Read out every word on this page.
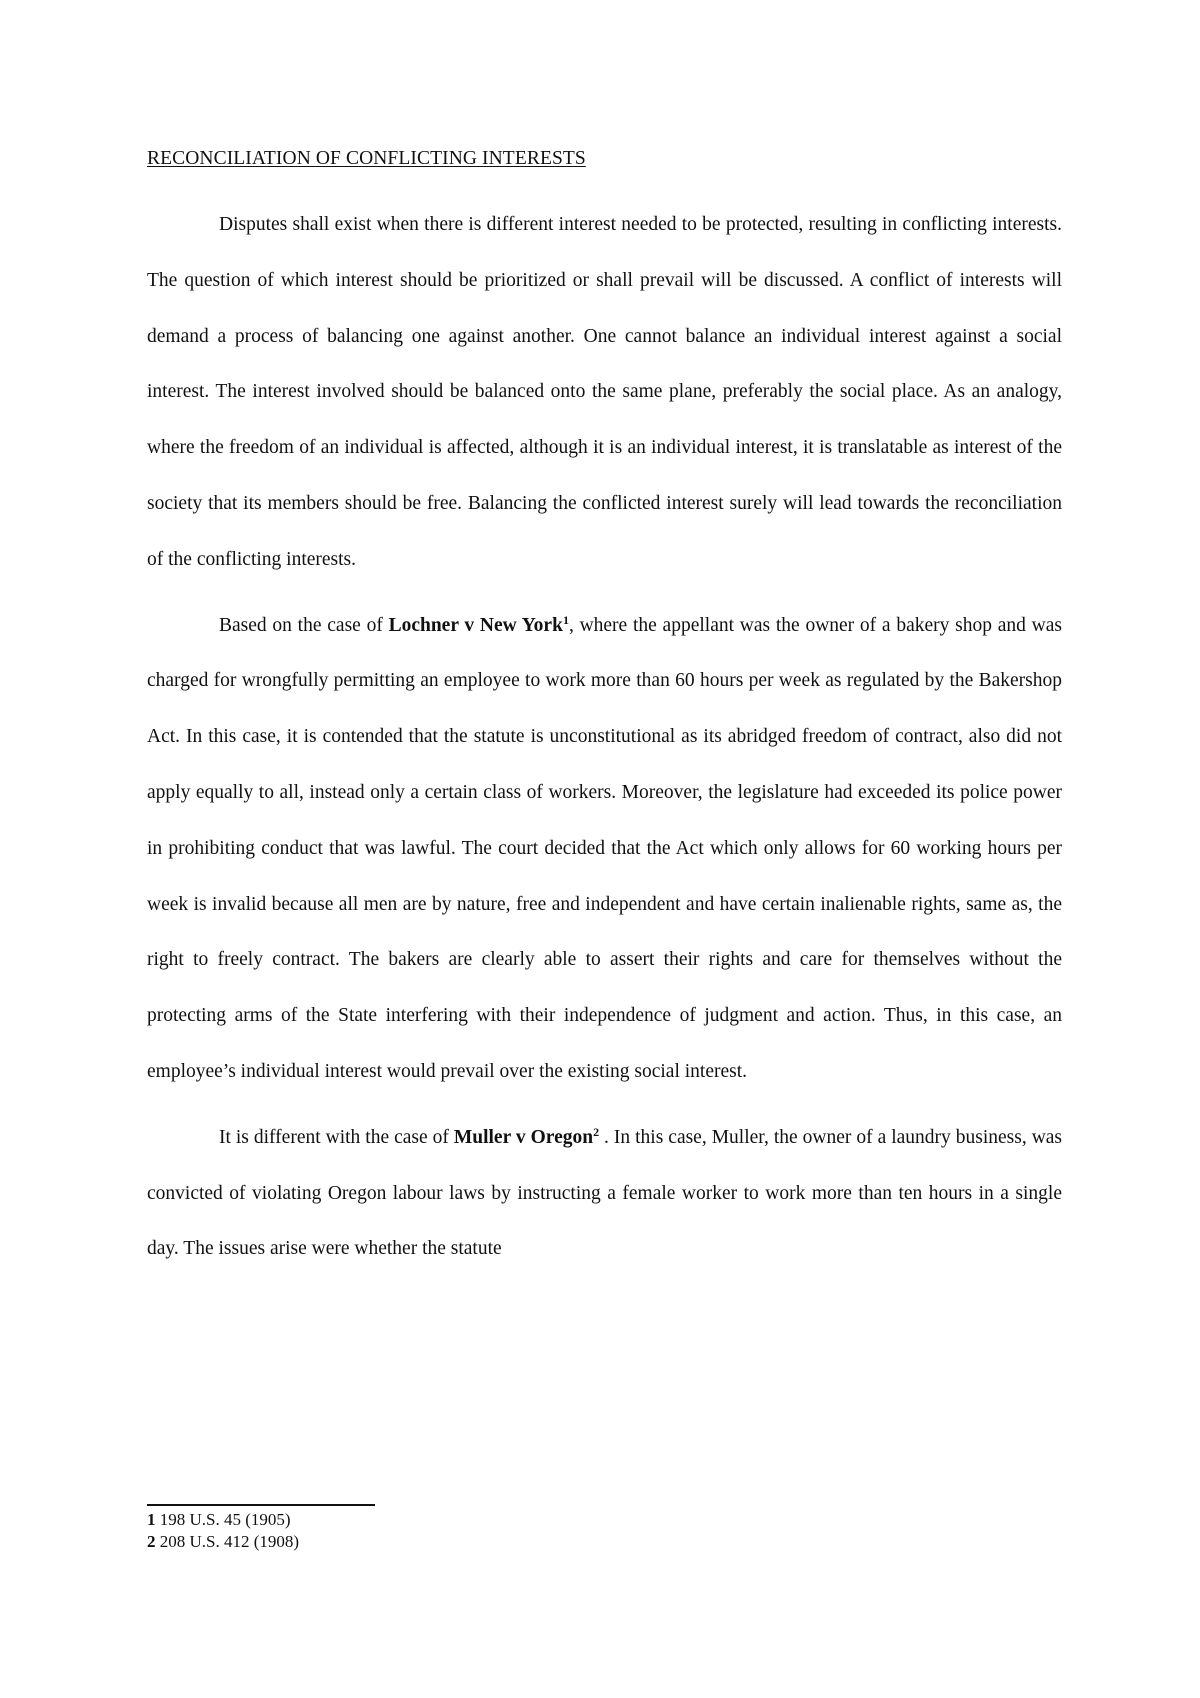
RECONCILIATION OF CONFLICTING INTERESTS

Disputes shall exist when there is different interest needed to be protected, resulting in conflicting interests. The question of which interest should be prioritized or shall prevail will be discussed. A conflict of interests will demand a process of balancing one against another. One cannot balance an individual interest against a social interest. The interest involved should be balanced onto the same plane, preferably the social place. As an analogy, where the freedom of an individual is affected, although it is an individual interest, it is translatable as interest of the society that its members should be free. Balancing the conflicted interest surely will lead towards the reconciliation of the conflicting interests.

Based on the case of Lochner v New York$^1$, where the appellant was the owner of a bakery shop and was charged for wrongfully permitting an employee to work more than 60 hours per week as regulated by the Bakershop Act. In this case, it is contended that the statute is unconstitutional as its abridged freedom of contract, also did not apply equally to all, instead only a certain class of workers. Moreover, the legislature had exceeded its police power in prohibiting conduct that was lawful. The court decided that the Act which only allows for 60 working hours per week is invalid because all men are by nature, free and independent and have certain inalienable rights, same as, the right to freely contract. The bakers are clearly able to assert their rights and care for themselves without the protecting arms of the State interfering with their independence of judgment and action. Thus, in this case, an employee’s individual interest would prevail over the existing social interest.

It is different with the case of Muller v Oregon$^2$ . In this case, Muller, the owner of a laundry business, was convicted of violating Oregon labour laws by instructing a female worker to work more than ten hours in a single day. The issues arise were whether the statute

1 198 U.S. 45 (1905)
2 208 U.S. 412 (1908)
